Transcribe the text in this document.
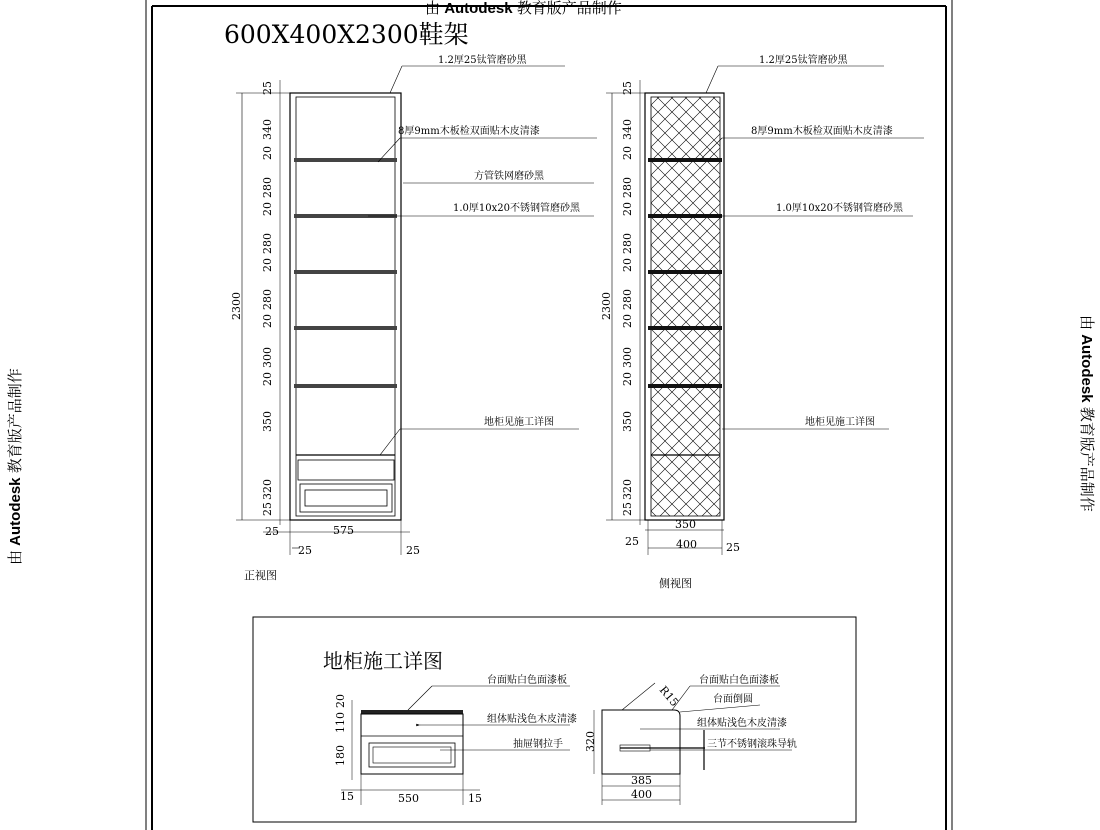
由 Autodesk 教育版产品制作
由 Autodesk 教育版产品制作
由 Autodesk 教育版产品制作
600X400X2300鞋架
2300
25
340
20
280
20
280
20
280
20
300
20
350
320
25
25	575
25	25
1.2厚25钛管磨砂黑
8厚9mm木板检双面贴木皮清漆
方管铁网磨砂黑
1.0厚10x20不锈钢管磨砂黑
地柜见施工详图
正视图
2300
25
340
20
280
20
280
20
280
20
300
20
350
320
25
350
25	400	25
1.2厚25钛管磨砂黑
8厚9mm木板检双面贴木皮清漆
1.0厚10x20不锈钢管磨砂黑
地柜见施工详图
侧视图
地柜施工详图
20
110
180
15	550	15
台面贴白色面漆板
组体贴浅色木皮清漆
抽屉钢拉手 320
385
400
R15
台面贴白色面漆板
台面倒圆
组体贴浅色木皮清漆
三节不锈钢滚珠导轨
